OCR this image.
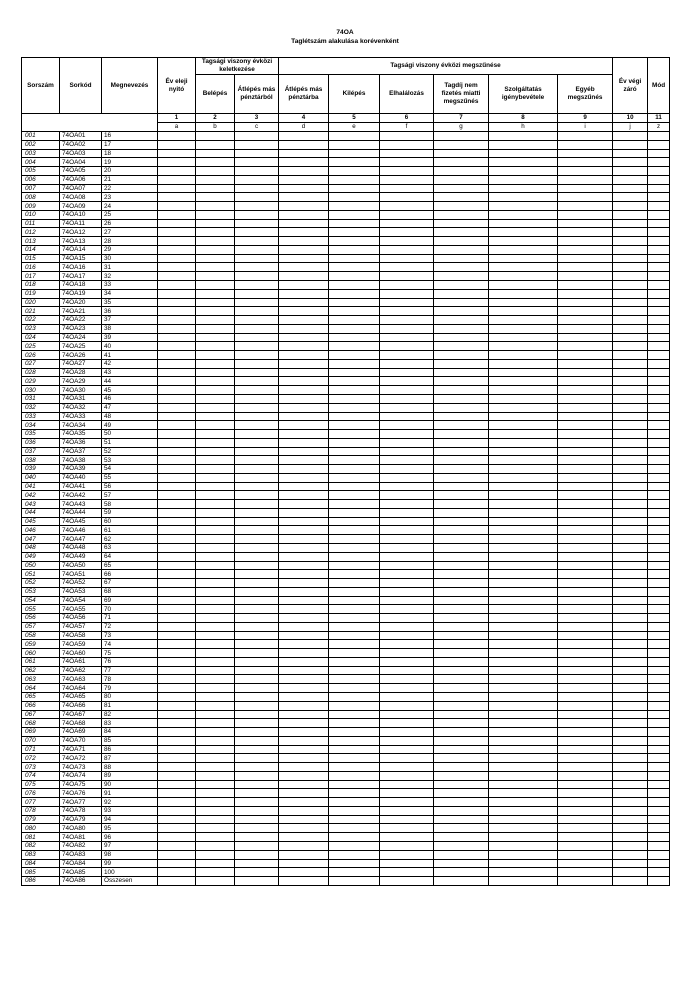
74OA
Taglétszám alakulása korévenként
Sorszám	Sorkód	Megnevezés	Év eleji nyitó	Tagsági viszony évközi keletkezése		Tagsági viszony évközi megszűnése						Év végi záró	Mód
				Belépés	Átlépés más pénztárból	Átlépés más pénztárba	Kilépés	Elhalálozás	Tagdíj nem fizetés miatti megszűnés	Szolgáltatás igénybevétele	Egyéb megszűnés		

			1	2	3	4	5	6	7	8	9	10	11
			a	b	c	d	e	f	g	h	i	j	z
001	74OA01	16											
002	74OA02	17											
003	74OA03	18											
004	74OA04	19											
005	74OA05	20											
006	74OA06	21											
007	74OA07	22											
008	74OA08	23											
009	74OA09	24											
010	74OA10	25											
011	74OA11	26											
012	74OA12	27											
013	74OA13	28											
014	74OA14	29											
015	74OA15	30											
016	74OA16	31											
017	74OA17	32											
018	74OA18	33											
019	74OA19	34											
020	74OA20	35											
021	74OA21	36											
022	74OA22	37											
023	74OA23	38											
024	74OA24	39											
025	74OA25	40											
026	74OA26	41											
027	74OA27	42											
028	74OA28	43											
029	74OA29	44											
030	74OA30	45											
031	74OA31	46											
032	74OA32	47											
033	74OA33	48											
034	74OA34	49											
035	74OA35	50											
036	74OA36	51											
037	74OA37	52											
038	74OA38	53											
039	74OA39	54											
040	74OA40	55											
041	74OA41	56											
042	74OA42	57											
043	74OA43	58											
044	74OA44	59											
045	74OA45	60											
046	74OA46	61											
047	74OA47	62											
048	74OA48	63											
049	74OA49	64											
050	74OA50	65											
051	74OA51	66											
052	74OA52	67											
053	74OA53	68											
054	74OA54	69											
055	74OA55	70											
056	74OA56	71											
057	74OA57	72											
058	74OA58	73											
059	74OA59	74											
060	74OA60	75											
061	74OA61	76											
062	74OA62	77											
063	74OA63	78											
064	74OA64	79											
065	74OA65	80											
066	74OA66	81											
067	74OA67	82											
068	74OA68	83											
069	74OA69	84											
070	74OA70	85											
071	74OA71	86											
072	74OA72	87											
073	74OA73	88											
074	74OA74	89											
075	74OA75	90											
076	74OA76	91											
077	74OA77	92											
078	74OA78	93											
079	74OA79	94											
080	74OA80	95											
081	74OA81	96											
082	74OA82	97											
083	74OA83	98											
084	74OA84	99											
085	74OA85	100											
086	74OA86	Összesen											
